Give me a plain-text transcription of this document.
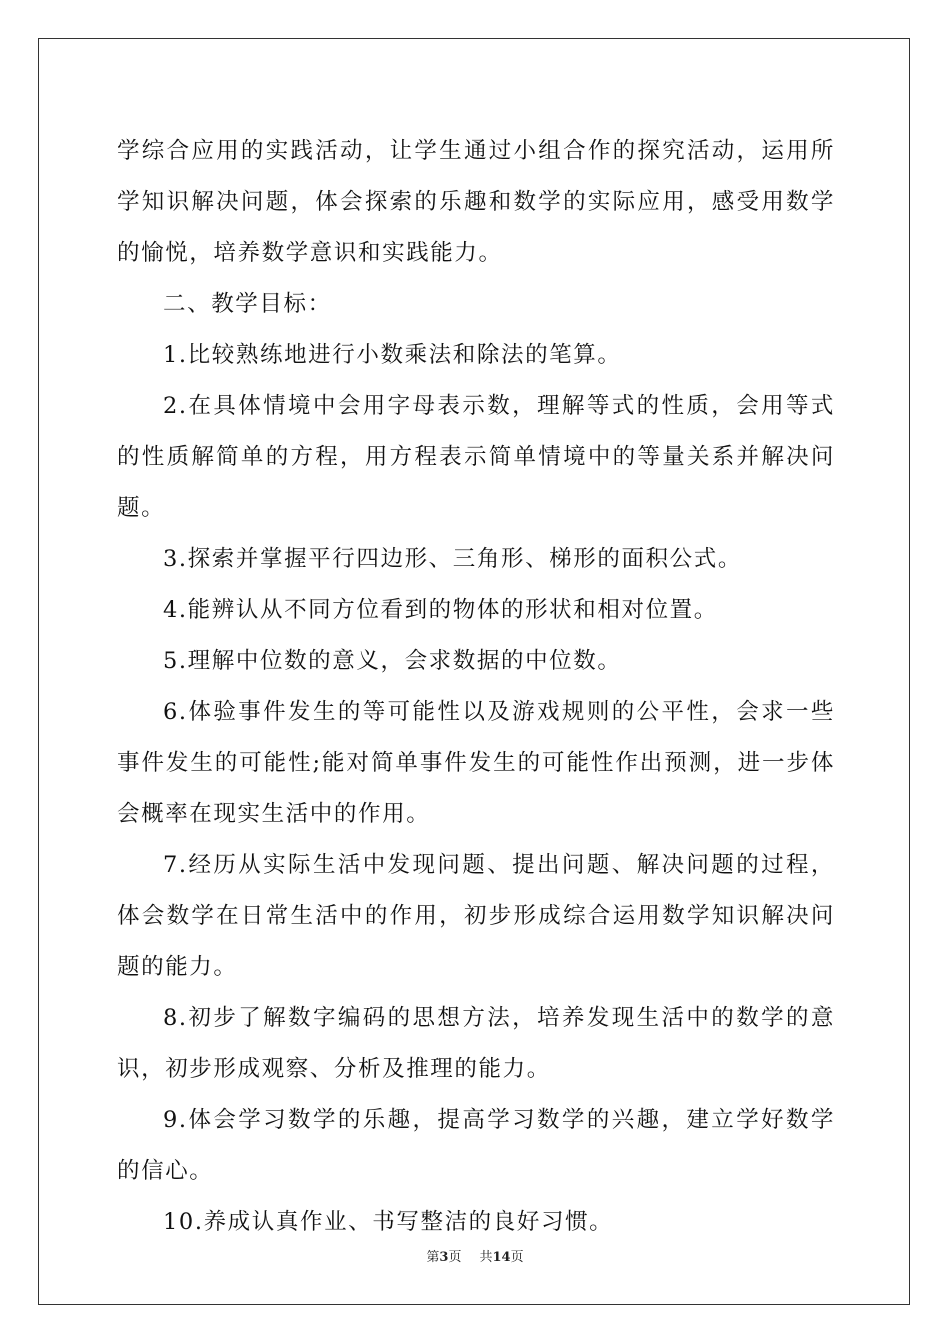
学综合应用的实践活动，让学生通过小组合作的探究活动，运用所学知识解决问题，体会探索的乐趣和数学的实际应用，感受用数学的愉悦，培养数学意识和实践能力。

二、教学目标：

1.比较熟练地进行小数乘法和除法的笔算。

2.在具体情境中会用字母表示数，理解等式的性质，会用等式的性质解简单的方程，用方程表示简单情境中的等量关系并解决问题。

3.探索并掌握平行四边形、三角形、梯形的面积公式。

4.能辨认从不同方位看到的物体的形状和相对位置。

5.理解中位数的意义，会求数据的中位数。

6.体验事件发生的等可能性以及游戏规则的公平性，会求一些事件发生的可能性;能对简单事件发生的可能性作出预测，进一步体会概率在现实生活中的作用。

7.经历从实际生活中发现问题、提出问题、解决问题的过程，体会数学在日常生活中的作用，初步形成综合运用数学知识解决问题的能力。

8.初步了解数字编码的思想方法，培养发现生活中的数学的意识，初步形成观察、分析及推理的能力。

9.体会学习数学的乐趣，提高学习数学的兴趣，建立学好数学的信心。

10.养成认真作业、书写整洁的良好习惯。

第3页 共14页
